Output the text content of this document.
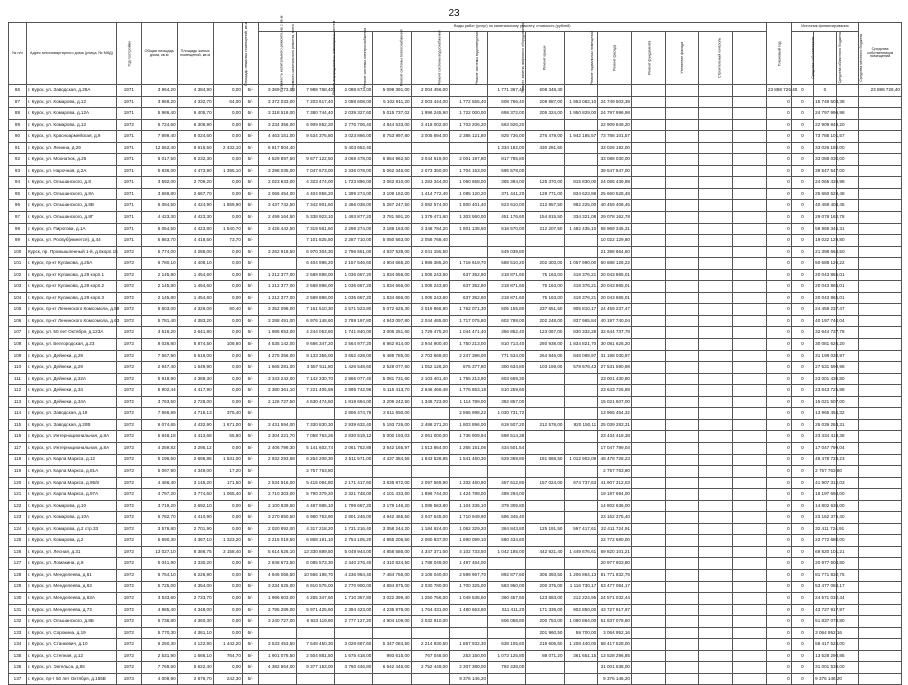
23
№ п/п	Адрес многоквартирного дома (улица, № МКД)	Год постройки	Общая площадь дома, кв.м	Площадь жилых помещений, кв.м	Площадь нежилых помещений, кв.м	Стоимость капитального ремонта на 1 кв.м	Виды работ (услуг) по капитальному ремонту, стоимость (рублей)														Плановый год	Источник финансирования			Средства собственников помещений
							Стоимость капитального ремонта, всего	Ремонт внутридомовых инженерных систем	Ремонт системы электроснабжения	Ремонт системы теплоснабжения	Ремонт системы водоснабжения	Ремонт системы водоотведения	Ремонт, замена лифтового оборудования	Ремонт крыши	Ремонт подвальных помещений	Ремонт фасада	Ремонт фундамента	Утепление фасада	Строительный контроль			Средства собственников	Средства областного бюджета	Средства местного бюджета	
86	г. Курск, ул. Заводская, д.28А	1971	3 964,20	4 384,90	0,00	5/-	3 369 773,00	7 988 768,40	2 088 673,00	5 099 391,00	2 004 456,00		1 771 367,40	608 348,40							23 888 726,40	0	0		23 888 726,40
87	г. Курск, ул. Комарова, д.12	1971	3 869,20	4 332,70	64,00	5/-	3 372 033,00	7 203 617,40	2 088 608,00	5 102 911,20	2 003 444,00	1 772 555,40	608 766,40	209 887,00	1 953 062,10	24 749 503,38					0	0	15 749 503,38		
88	г. Курск, ул. Комарова, д.12А	1971	5 986,40	6 405,70	0,00	5/-	3 318 518,00	7 380 744,40	2 039 327,60	5 015 737,02	1 996 245,90	1 722 000,00	698 372,00	205 324,00	1 950 829,00	24 797 996,98					0	0	24 797 996,98		
89	г. Курск, ул. Комарова, д.12	1972	5 724,60	6 306,90	0,00	5/-	3 234 356,00	6 909 852,20	2 776 706,40	4 844 533,00	2 418 002,00	1 703 206,20	563 926,20			22 909 849,20					0	0	22 909 849,20		
90	г. Курск, ул. Красноармейская, д.9	1971	7 899,40	8 024,60	0,00	5/-	4 463 151,00	9 534 375,80	3 023 866,00	8 753 997,80	3 005 694,00	2 385 121,80	825 736,00	276 479,00	1 942 185,57	73 788 101,57					0	0	73 788 101,57		
91	г. Курск, ул. Ленина, д.29	1971	12 662,40	9 616,50	2 432,10	5/-	6 817 804,40		5 403 652,40				1 334 182,00	430 281,60		33 026 192,00					0	0	33 026 192,00		
92	г. Курск, ул. Мохнатюк, д.25	1971	8 017,50	8 232,30	0,00	5/-	4 529 897,50	9 677 122,50	3 069 478,00	6 864 962,50	3 044 619,00	2 001 197,80	817 785,80			33 088 030,00					0	0	33 088 030,00		
93	г. Курск, ул. Нарочная, д.2А	1971	5 836,00	4 473,90	1 395,10	5/-	3 298 035,00	7 047 673,00	2 336 078,00	5 062 345,00	2 073 350,00	1 704 153,00	595 578,00			39 547 547,00					0	0	39 547 547,00		
94	г. Курск, ул. Ольшанского, д.8	1971	3 592,00	2 709,20	0,00	5/-	2 023 833,00	4 323 474,00	1 723 896,00	3 062 810,00	1 283 344,00	1 060 658,00	365 394,00	125 370,00	815 830,00	24 065 439,98					0	0	24 065 439,98		
95	г. Курск, ул. Ольшанского, д.8А	1971	3 669,80	2 667,70	0,00	5/-	2 066 454,00	4 404 856,20	1 399 274,00	3 109 162,00	1 414 772,40	1 085 120,20	371 441,20	129 771,00	834 623,88	25 660 528,48					0	0	25 660 528,48		
96	г. Курск, ул. Ольшанского, д.8В	1971	6 084,50	4 424,90	1 659,90	5/-	3 437 742,50	7 342 901,50	2 466 038,00	5 267 247,50	2 082 574,00	1 800 401,40	623 610,00	212 957,50	982 225,00	40 459 408,45					0	0	40 459 408,45		
97	г. Курск, ул. Ольшанского, д.8Г	1971	4 423,30	4 423,30	0,00	5/-	2 499 164,50	5 338 923,10	1 493 877,20	3 781 591,20	1 379 471,60	1 303 560,00	451 176,60	154 815,50	334 321,08	29 078 162,78					0	0	29 078 162,78		
98	г. Курск, ул. Пирогова, д.1А	1971	6 054,50	4 423,80	1 540,70	5/-	3 426 442,50	7 319 561,50	2 299 274,00	3 189 163,00	2 348 784,20	1 801 138,50	618 570,00	212 207,50	1 482 435,10	58 969 345,31					0	0	58 969 345,31		
99	г. Курск, ул. Росвуб(имеется), д.44	1971	5 863,70	4 418,50	73,70	5/-		7 101 825,50	2 287 710,00	5 050 563,00	2 058 768,40					10 022 129,80					0	0	19 022 129,80		
100	Курск, пр. Промышленный 1-й, д.6корп.15	1972	5 774,00	4 286,00	0,00	5/-	3 262 918,50	6 970 304,30	2 796 551,00	4 937 539,00	2 041 155,50		549 039,80			21 398 664,50					0	0	21 398 664,50		
101	г. Курск, пр-кт Кулакова, д.25А	1972	6 780,10	4 408,10	0,00	5/-		6 404 988,20	2 157 546,60	4 904 665,20	1 986 385,20	1 716 619,70	588 510,20	202 303,00	1 057 990,00	50 688 126,22					0	0	50 688 126,22		
102	г. Курск, пр-кт Кулакова, д.29 корп.1	1972	2 145,80	1 454,60	0,00	5/-	1 212 377,00	2 589 898,00	1 035 667,20	1 834 656,00	1 005 243,60	637 352,80	218 871,60	75 163,00	418 376,21	20 043 865,01					0	0	20 043 865,01		
103	г. Курск, пр-кт Кулакова, д.29 корп.2	1972	2 145,80	1 454,60	0,00	5/-	1 212 377,00	2 589 898,00	1 035 667,20	1 834 656,00	1 005 243,60	637 352,80	218 871,60	75 163,00	418 376,21	20 043 865,01					0	0	20 043 865,01		
104	г. Курск, пр-кт Кулакова, д.29 корп.3	1972	2 145,80	1 454,60	0,00	5/-	1 212 377,00	2 589 898,00	1 035 667,20	1 834 656,00	1 005 243,60	637 352,80	218 871,60	75 163,00	418 376,21	20 043 865,01					0	0	20 043 865,01		
105	г. Курск, пр-кт Ленинского Комсомола, д.58	1972	5 603,00	4 326,00	80,40	5/-	3 352 098,00	7 161 510,30	2 571 523,80	5 072 625,30	2 019 866,80	1 762 071,30	605 155,80	237 651,50	905 810,17	24 459 237,47					0	0	24 459 237,47		
106	г. Курск, пр-кт Ленинского Комсомола, д.63	1972	5 781,40	4 383,20	0,00	5/-	3 288 491,00	6 976 148,60	2 789 197,80	4 943 097,80	2 044 465,00	1 717 075,80	602 788,00	202 248,00	837 965,84	40 197 740,04					0	0	40 197 740,04		
107	г. Курск, ул. 50 лет Октября, д.123А	1972	3 516,20	2 641,80	0,00	5/-	1 986 653,00	4 244 053,60	1 741 840,00	3 006 251,60	1 729 475,20	1 044 471,40	356 852,40	123 067,00	830 332,28	32 644 737,78					0	0	32 644 737,78		
108	г. Курск, ул. Белгородская, д.23	1972	8 026,80	5 874,50	108,60	5/-	4 535 142,00	9 686 347,20	2 564 977,20	6 862 914,00	3 944 900,40	1 750 213,00	810 713,40	280 938,00	1 834 821,70	30 081 626,20					0	0	30 081 626,20		
109	г. Курск, ул. Дейнеки, д.29	1972	7 567,90	5 616,00	0,00	5/-	4 275 356,00	9 133 356,00	3 662 428,00	6 489 785,00	2 703 669,00	2 247 398,00	771 534,00	264 846,00	848 088,97	31 198 030,97					0	0	31 198 030,97		
110	г. Курск, ул. Дейнеки, д.29	1972	2 947,40	1 549,90	0,00	5/-	1 665 281,00	3 557 511,80	1 426 548,60	2 528 077,60	1 052 126,20	875 377,80	300 634,80	103 159,00	578 676,43	27 531 590,98					0	0	27 531 590,98		
111	г. Курск, ул. Дейнеки, д.32А	1972	5 919,90	4 389,30	0,00	5/-	3 343 242,00	7 142 330,70	2 865 077,40	5 081 731,60	2 103 401,40	1 755 213,80	603 669,30			23 001 430,80					0	0	23 001 430,80		
112	г. Курск, ул. Дейнеки, д.34	1972	5 902,44	4 417,90	0,00	5/-	3 380 361,10	7 221 405,58	2 895 742,96	5 115 413,70	2 646 466,48	1 776 853,18	610 259,60			23 643 725,88					0	0	23 643 725,88		
113	г. Курск, ул. Дейнеки, д.34А	1972	3 763,50	2 728,00	0,00	5/-	2 126 727,50	4 530 474,50	1 819 694,00	3 209 242,50	1 348 723,00	1 114 789,00	382 857,00			15 021 507,00					0	0	15 021 507,00		
114	г. Курск, ул. Заводская, д.19	1972	7 966,89	4 716,13	375,40	5/-			2 806 474,78	2 611 650,00		2 866 998,22	1 030 731,72			13 965 454,32					0	0	13 965 454,32		
115	г. Курск, ул. Заводская, д.20В	1972	6 074,65	4 432,90	1 671,00	5/-	3 431 594,00	7 330 830,30	2 939 632,40	5 193 726,00	2 488 271,20	1 803 896,00	619 507,20	212 578,00	820 150,11	25 039 283,31					0	0	25 039 283,31		
116	г. Курск, ул. Интернациональная, д.8А	1972	5 848,18	4 413,68	55,80	5/-	3 304 221,70	7 058 763,26	2 830 519,12	5 000 193,03	2 061 000,00	1 736 909,94	598 514,38			23 434 418,38					0	0	23 434 418,38		
117	г. Курск, ул. Интернациональная, д.8А	1972	4 259,82	3 295,12	0,00	5/-	2 406 799,30	5 141 602,74	2 061 752,88	3 642 165,97	1 513 864,00	1 265 151,06	434 501,54			17 047 799,04					0	0	17 047 799,04		
118	г. Курск, ул. Карла Маркса, д.12	1972	5 196,50	2 696,86	1 531,00	5/-	2 932 293,58	6 264 209,30	2 511 571,00	4 437 384,56	1 843 528,85	1 541 460,30	529 369,80	181 868,50	1 012 902,09	48 478 728,23					0	0	48 478 728,23		
119	г. Курск, ул. Карла Маркса, д.81А	1972	5 097,90	4 349,00	17,20	5/-		2 757 763,80								2 757 763,80					0	0	2 757 763,80		
120	г. Курск, ул. Карла Маркса, д.95/8	1972	4 486,40	3 145,20	171,50	5/-	2 534 816,00	5 415 084,80	2 171 417,60	3 835 872,00	2 097 569,90	1 332 460,80	457 612,80	157 024,00	674 737,63	41 907 312,03					0	0	41 907 312,03		
121	г. Курск, ул. Карла Маркса, д.97А	1972	4 797,20	3 774,60	1 065,40	5/-	2 710 303,00	5 790 379,20	2 321 748,00	4 101 433,60	1 896 744,00	1 424 789,00	489 294,00			19 197 694,00					0	0	19 197 694,00		
122	г. Курск, ул. Комарова, д.10	1972	3 719,20	2 692,10	0,00	5/-	2 100 839,50	4 487 985,10	1 799 667,20	3 179 146,20	1 085 563,80	1 104 336,10	379 309,80			14 802 636,00					0	0	14 802 636,00		
123	г. Курск, ул. Комарова, д.10А	1972	5 782,70	4 410,90	0,00	5/-	3 270 850,50	6 980 753,90	2 801 246,00	4 942 465,50	2 047 545,00	1 710 949,90	596 345,40			23 162 375,40					0	0	23 162 375,40		
124	г. Курск, ул. Комарова, д.2 стр.33	1972	3 576,80	2 701,90	0,00	5/-	2 020 892,00	4 317 218,20	1 731 216,40	3 058 244,20	1 184 624,00	1 062 329,20	364 843,80	125 191,50	597 417,61	32 411 724,91					0	0	32 411 724,91		
125	г. Курск, ул. Комарова, д.2	1972	5 690,30	4 367,10	1 323,20	5/-	3 215 019,50	6 868 191,10	2 754 105,20	4 865 206,50	2 060 837,00	1 690 099,10	580 434,60			22 772 680,00					0	0	22 772 680,00		
126	г. Курск, ул. Лесная, д.31	1972	13 027,10	8 386,75	3 158,40	5/-	5 614 626,10	13 330 889,50	5 049 944,00	4 858 586,00	4 347 371,00	4 102 733,50	1 042 185,00	442 921,40	1 449 676,61	69 820 101,21					0	0	69 820 101,21		
127	г. Курск, ул. Ломакина, д.9	1972	5 041,90	3 330,20	0,00	5/-	2 848 673,50	6 085 573,30	2 440 276,40	4 310 824,50	1 788 049,00	1 497 464,00				20 977 603,80					0	0	20 977 603,80		
128	г. Курск, ул. Менделеева, д.61	1972	8 754,10	6 226,90	0,00	5/-	4 946 066,50	10 566 198,70	4 236 984,40	7 484 756,00	3 105 040,00	2 599 967,70	892 877,60	306 393,50	1 206 864,13	81 771 832,75					0	0	81 771 832,75		
129	г. Курск, ул. Менделеева, д.63	1972	5 725,00	4 354,00	0,00	5/-	3 234 625,00	6 910 575,00	2 770 900,00	4 894 875,00	2 030 780,00	1 700 325,00	583 950,00	200 375,00	1 116 730,17	53 477 084,17					0	0	53 477 084,17		
130	г. Курск, ул. Менделеева, д.63А	1972	3 533,80	2 733,70	0,00	5/-	1 996 603,00	4 265 347,60	1 710 357,80	3 022 399,40	1 250 756,00	1 049 538,60	360 457,60	123 683,00	212 224,95	24 571 032,44					0	0	24 571 032,44		
131	г. Курск, ул. Менделеева, д.73	1972	4 985,40	4 348,00	0,00	5/-	2 795 289,00	5 971 425,60	2 394 423,00	4 235 978,00	1 764 431,00	1 480 663,80	511 411,20	171 339,00	902 850,00	43 727 917,97					0	0	43 727 917,97		
132	г. Курск, ул. Ольшанского, д.8Б	1972	5 738,80	4 360,30	0,00	5/-	3 240 727,00	6 923 119,80	2 777 127,20	4 904 109,00	2 032 910,00		606 058,80	200 753,00	1 090 864,00	51 837 078,80					0	0	51 837 078,80		
133	г. Курск, ул. Сорокина, д.19	1972	5 770,30	4 361,10	0,00	5/-								201 960,50	59 700,00	3 064 952,16					0	0	3 064 952,16		
134	г. Курск, ул. Станкевич, д.10	1972	6 250,30	4 122,90	1 442,20	5/-	3 533 453,50	7 548 450,30	3 028 687,60	5 347 084,50	2 214 930,50	1 857 932,30	638 105,60	219 606,50	1 208 440,00	58 417 528,00					0	0	58 417 528,00		
135	г. Курск, ул. Степная, д.12	1972	2 531,90	1 566,10	764,70	5/-	1 901 076,50	2 504 881,50	1 675 418,00	993 615,00	767 048,00	253 150,00	1 073 125,80	88 071,20	361 651,15	13 528 296,85					0	0	13 528 296,85		
136	г. Курск, ул. Энгельса, д.86	1972	7 769,60	5 622,40	0,00	5/-	4 382 664,00	9 377 153,00	3 760 446,80	6 642 446,00	2 752 449,00	2 307 380,00	792 438,00			31 001 538,00					0	0	31 001 538,00		
137	г. Курск, пр-т 50 лет Октября, д.155В	1973	4 009,90	2 876,70	242,30	5/-						9 376 146,20				9 376 146,20					0	0	9 376 146,20		
